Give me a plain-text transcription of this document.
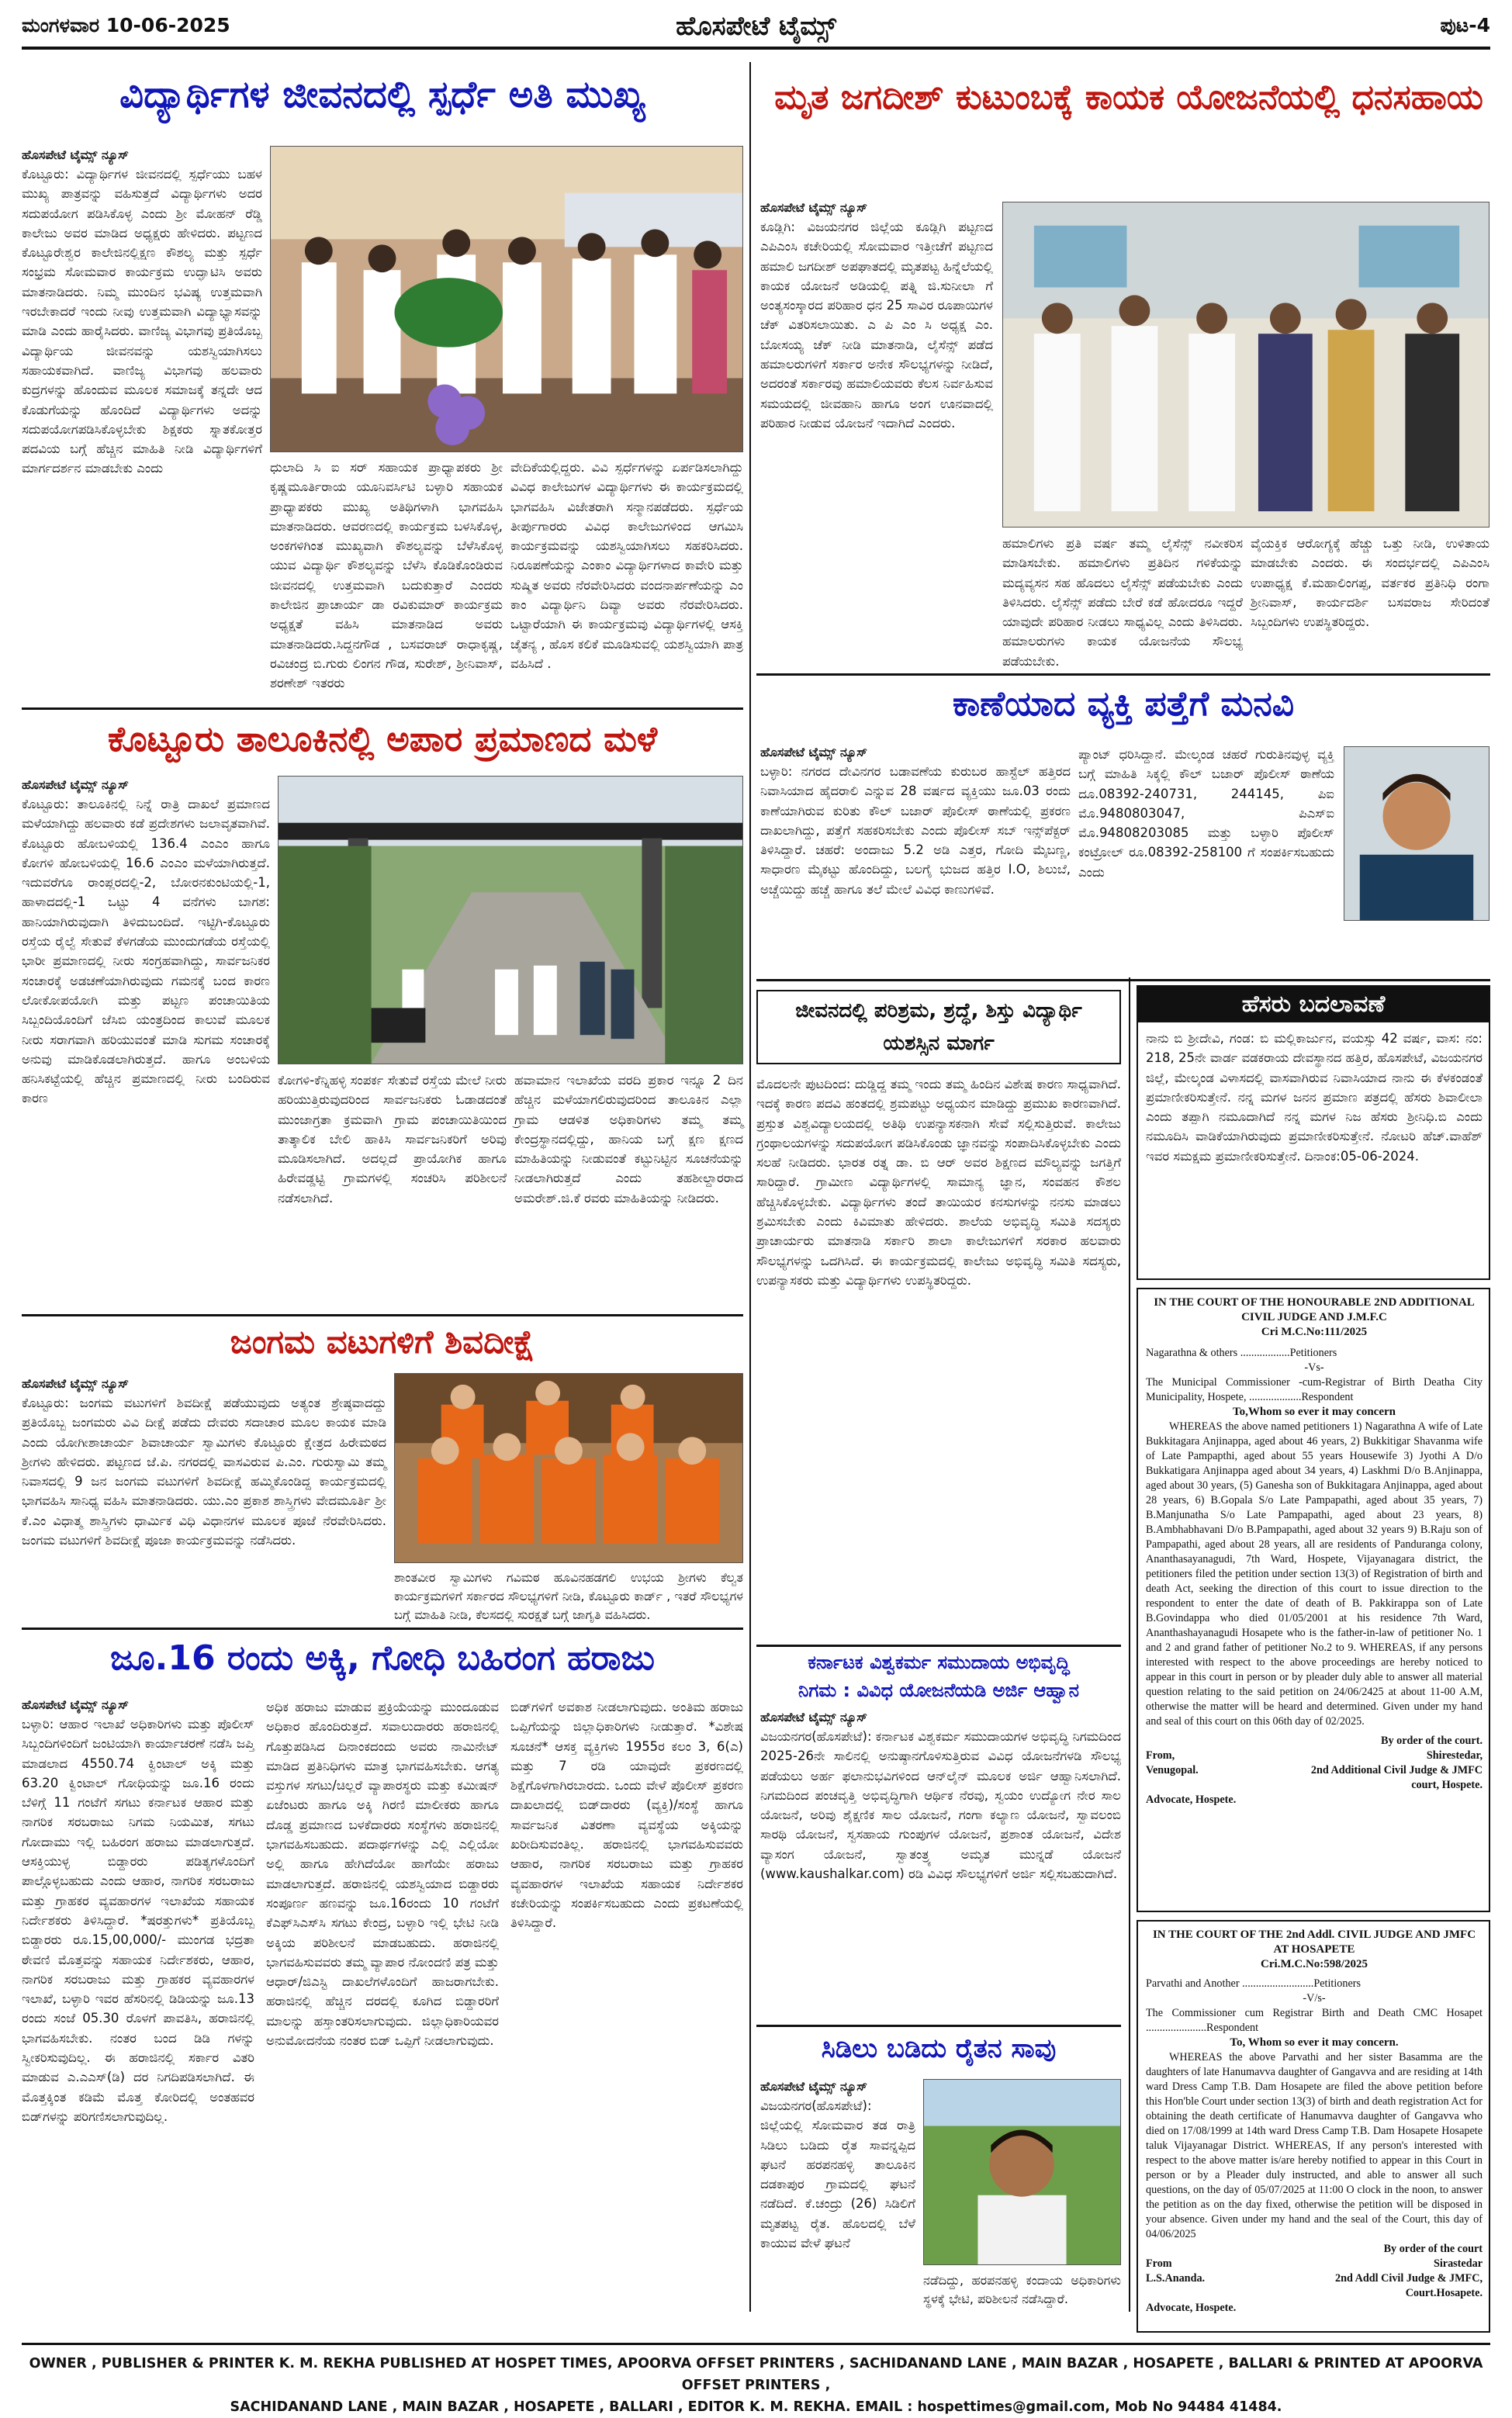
ಮಂಗಳವಾರ 10-06-2025	ಹೊಸಪೇಟೆ ಟೈಮ್ಸ್	ಪುಟ-4
ವಿದ್ಯಾರ್ಥಿಗಳ ಜೀವನದಲ್ಲಿ ಸ್ಪರ್ಧೆ ಅತಿ ಮುಖ್ಯ
ಹೊಸಪೇಟೆ ಟೈಮ್ಸ್ ನ್ಯೂಸ್
ಕೊಟ್ಟೂರು: ವಿದ್ಯಾರ್ಥಿಗಳ ಜೀವನದಲ್ಲಿ ಸ್ಪರ್ಧೆಯು ಬಹಳ ಮುಖ್ಯ ಪಾತ್ರವನ್ನು ವಹಿಸುತ್ತದೆ ವಿದ್ಯಾರ್ಥಿಗಳು ಅದರ ಸದುಪಯೋಗ ಪಡಿಸಿಕೊಳ್ಳ ಎಂದು ಶ್ರೀ ಮೋಹನ್ ರೆಡ್ಡಿ ಕಾಲೇಜು ಅವರ ಮಾಡಿದ ಅಧ್ಯಕ್ಷರು ಹೇಳಿದರು. ಪಟ್ಟಣದ ಕೊಟ್ಟೂರೇಶ್ವರ ಕಾಲೇಜಿನಲ್ಲಿಕ್ಷಣ ಕೌಶಲ್ಯ ಮತ್ತು ಸ್ಪರ್ಧೆ ಸಂಭ್ರಮ ಸೋಮವಾರ ಕಾರ್ಯಕ್ರಮ ಉದ್ಘಾಟಿಸಿ ಅವರು ಮಾತನಾಡಿದರು. ನಿಮ್ಮ ಮುಂದಿನ ಭವಿಷ್ಯ ಉತ್ತಮವಾಗಿ ಇರಬೇಕಾದರೆ ಇಂದು ನೀವು ಉತ್ತಮವಾಗಿ ವಿದ್ಯಾಭ್ಯಾಸವನ್ನು ಮಾಡಿ ಎಂದು ಹಾರೈಸಿದರು. ವಾಣಿಜ್ಯ ವಿಭಾಗವು ಪ್ರತಿಯೊಬ್ಬ ವಿದ್ಯಾರ್ಥಿಯ ಜೀವನವನ್ನು ಯಶಸ್ವಿಯಾಗಿಸಲು ಸಹಾಯಕವಾಗಿದೆ. ವಾಣಿಜ್ಯ ವಿಭಾಗವು ಹಲವಾರು ಕುದ್ರಗಳನ್ನು ಹೊಂದುವ ಮೂಲಕ ಸಮಾಜಕ್ಕೆ ತನ್ನದೇ ಆದ ಕೊಡುಗೆಯನ್ನು ಹೊಂದಿದೆ ವಿದ್ಯಾರ್ಥಿಗಳು ಅದನ್ನು ಸದುಪಯೋಗಪಡಿಸಿಕೊಳ್ಳಬೇಕು ಶಿಕ್ಷಕರು ಸ್ನಾತಕೋತ್ತರ ಪದವಿಯ ಬಗ್ಗೆ ಹೆಚ್ಚಿನ ಮಾಹಿತಿ ನೀಡಿ ವಿದ್ಯಾರ್ಥಿಗಳಿಗೆ ಮಾರ್ಗದರ್ಶನ ಮಾಡಬೇಕು ಎಂದು	ಧುಲಾದಿ ಸಿ ಐ ಸರ್ ಸಹಾಯಕ ಪ್ರಾಧ್ಯಾಪಕರು ಶ್ರೀ ಕೃಷ್ಣಮೂರ್ತಿರಾಯ ಯೂನಿವರ್ಸಿಟಿ ಬಳ್ಳಾರಿ ಸಹಾಯಕ ಪ್ರಾಧ್ಯಾಪಕರು ಮುಖ್ಯ ಅತಿಥಿಗಳಾಗಿ ಭಾಗವಹಿಸಿ ಮಾತನಾಡಿದರು. ಆವರಣದಲ್ಲಿ ಕಾರ್ಯಕ್ರಮ ಬಳಸಿಕೊಳ್ಳ, ಅಂಕಗಳಿಗಿಂತ ಮುಖ್ಯವಾಗಿ ಕೌಶಲ್ಯವನ್ನು ಬೆಳೆಸಿಕೊಳ್ಳ ಯುವ ವಿದ್ಯಾರ್ಥಿ ಕೌಶಲ್ಯವನ್ನು ಬೆಳೆಸಿ ಕೊಡಿಕೊಂಡಿರುವ ಜೀವನದಲ್ಲಿ ಉತ್ತಮವಾಗಿ ಬದುಕುತ್ತಾರೆ ಎಂದರು ಕಾಲೇಜಿನ ಪ್ರಾಚಾರ್ಯ ಡಾ ರವಿಕುಮಾರ್ ಕಾರ್ಯಕ್ರಮ ಅಧ್ಯಕ್ಷತೆ ವಹಿಸಿ ಮಾತನಾಡಿದ ಅವರು ಮಾತನಾಡಿದರು.ಸಿದ್ದನಗೌಡ , ಬಸವರಾಜ್ ರಾಧಾಕೃಷ್ಣ, ರವಿಚಂದ್ರ ಬಿ.ಗುರು ಲಿಂಗನ ಗೌಡ, ಸುರೇಶ್, ಶ್ರೀನಿವಾಸ್, ಶರಣೇಶ್ ಇತರರು
ವೇದಿಕೆಯಲ್ಲಿದ್ದರು. ವಿವಿ ಸ್ಪರ್ಧೆಗಳನ್ನು ಏರ್ಪಡಿಸಲಾಗಿದ್ದು ವಿವಿಧ ಕಾಲೇಜುಗಳ ವಿದ್ಯಾರ್ಥಿಗಳು ಈ ಕಾರ್ಯಕ್ರಮದಲ್ಲಿ ಭಾಗವಹಿಸಿ ವಿಜೇತರಾಗಿ ಸನ್ಮಾನಪಡೆದರು. ಸ್ಪರ್ಧೆಯ ತೀರ್ಪುಗಾರರು ವಿವಿಧ ಕಾಲೇಜುಗಳಿಂದ ಆಗಮಿಸಿ ಕಾರ್ಯಕ್ರಮವನ್ನು ಯಶಸ್ವಿಯಾಗಿಸಲು ಸಹಕರಿಸಿದರು. ನಿರೂಪಣೆಯನ್ನು ಎಂಕಾಂ ವಿದ್ಯಾರ್ಥಿಗಳಾದ ಕಾವೇರಿ ಮತ್ತು ಸುಷ್ಮಿತ ಅವರು ನೆರವೇರಿಸಿದರು ವಂದನಾರ್ಪಣೆಯನ್ನು ಎಂ ಕಾಂ ವಿದ್ಯಾರ್ಥಿನಿ ದಿವ್ಯಾ ಅವರು ನೆರವೇರಿಸಿದರು. ಒಟ್ಟಾರೆಯಾಗಿ ಈ ಕಾರ್ಯಕ್ರಮವು ವಿದ್ಯಾರ್ಥಿಗಳಲ್ಲಿ ಆಸಕ್ತಿ ಚೈತನ್ಯ , ಹೊಸ ಕಲಿಕೆ ಮೂಡಿಸುವಲ್ಲಿ ಯಶಸ್ವಿಯಾಗಿ ಪಾತ್ರ ವಹಿಸಿದೆ .
ಕೊಟ್ಟೂರು ತಾಲೂಕಿನಲ್ಲಿ ಅಪಾರ ಪ್ರಮಾಣದ ಮಳೆ
ಹೊಸಪೇಟೆ ಟೈಮ್ಸ್ ನ್ಯೂಸ್
ಕೊಟ್ಟೂರು: ತಾಲೂಕಿನಲ್ಲಿ ನಿನ್ನೆ ರಾತ್ರಿ ದಾಖಲೆ ಪ್ರಮಾಣದ ಮಳೆಯಾಗಿದ್ದು ಹಲವಾರು ಕಡೆ ಪ್ರದೇಶಗಳು ಜಲಾವೃತವಾಗಿವೆ. ಕೊಟ್ಟೂರು ಹೋಬಳಿಯಲ್ಲಿ 136.4 ಎಂಎಂ ಹಾಗೂ ಕೋಗಳಿ ಹೋಬಳಿಯಲ್ಲಿ 16.6 ಎಂಎಂ ಮಳೆಯಾಗಿರುತ್ತದೆ. ಇದುವರೆಗೂ ರಾಂಪ್ಲರ‍ದಲ್ಲಿ-2, ಬೋರನಕುಂಟಿಯಲ್ಲಿ-1, ಹಾಳಾದದಲ್ಲಿ-1 ಒಟ್ಟು 4 ವನೆಗಳು ಬಾಗಶ: ಹಾನಿಯಾಗಿರುವುದಾಗಿ ತಿಳಿದುಬಂದಿದೆ. ಇಟ್ಟಿಗಿ-ಕೊಟ್ಟೂರು ರಸ್ತೆಯ ರೈಲ್ವೆ ಸೇತುವೆ ಕೆಳಗಡೆಯ ಮುಂದುಗಡೆಯ ರಸ್ತೆಯಲ್ಲಿ ಭಾರೀ ಪ್ರಮಾಣದಲ್ಲಿ ನೀರು ಸಂಗ್ರಹವಾಗಿದ್ದು, ಸಾರ್ವಜನಿಕರ ಸಂಚಾರಕ್ಕೆ ಅಡಚಣೆಯಾಗಿರುವುದು ಗಮನಕ್ಕೆ ಬಂದ ಕಾರಣ ಲೋಕೋಪಯೋಗಿ ಮತ್ತು ಪಟ್ಟಣ ಪಂಚಾಯಿತಿಯ ಸಿಬ್ಬಂದಿಯೊಂದಿಗೆ ಜೆಸಿಬಿ ಯಂತ್ರದಿಂದ ಕಾಲುವೆ ಮೂಲಕ ನೀರು ಸರಾಗವಾಗಿ ಹರಿಯುವಂತೆ ಮಾಡಿ ಸುಗಮ ಸಂಚಾರಕ್ಕೆ ಅನುವು ಮಾಡಿಕೊಡಲಾಗಿರುತ್ತದೆ. ಹಾಗೂ ಅಂಬಳಿಯ ಹನಿಸಿಕಟ್ಟೆಯಲ್ಲಿ ಹೆಚ್ಚಿನ ಪ್ರಮಾಣದಲ್ಲಿ ನೀರು ಬಂದಿರುವ ಕಾರಣ
ಕೋಗಳಿ-ಕೆನ್ನಿಹಳ್ಳಿ ಸಂಪರ್ಕ ಸೇತುವೆ ರಸ್ತೆಯ ಮೇಲೆ ನೀರು ಹರಿಯುತ್ತಿರುವುದರಿಂದ ಸಾರ್ವಜನಿಕರು ಓಡಾಡದಂತೆ ಮುಂಜಾಗ್ರತಾ ಕ್ರಮವಾಗಿ ಗ್ರಾಮ ಪಂಚಾಯಿತಿಯಿಂದ ತಾತ್ಕಾಲಿಕ ಬೇಲಿ ಹಾಕಿಸಿ ಸಾರ್ವಜನಿಕರಿಗೆ ಅರಿವು ಮೂಡಿಸಲಾಗಿದೆ. ಅದಲ್ಲದೆ ಪ್ರಾಯೋಗಿಕ ಹಾಗೂ ಹಿರೇವಡ್ಡಟ್ಟಿ ಗ್ರಾಮಗಳಲ್ಲಿ ಸಂಚರಿಸಿ ಪರಿಶೀಲನೆ ನಡೆಸಲಾಗಿದೆ.
ಹವಾಮಾನ ಇಲಾಖೆಯ ವರದಿ ಪ್ರಕಾರ ಇನ್ನೂ 2 ದಿನ ಹೆಚ್ಚಿನ ಮಳೆಯಾಗಲಿರುವುದರಿಂದ ತಾಲೂಕಿನ ಎಲ್ಲಾ ಗ್ರಾಮ ಆಡಳಿತ ಅಧಿಕಾರಿಗಳು ತಮ್ಮ ತಮ್ಮ ಕೇಂದ್ರಸ್ಥಾನದಲ್ಲಿದ್ದು, ಹಾನಿಯ ಬಗ್ಗೆ ಕ್ಷಣ ಕ್ಷಣದ ಮಾಹಿತಿಯನ್ನು ನೀಡುವಂತೆ ಕಟ್ಟುನಿಟ್ಟಿನ ಸೂಚನೆಯನ್ನು ನೀಡಲಾಗಿರುತ್ತದೆ ಎಂದು ತಹಶೀಲ್ದಾರರಾದ ಅಮರೇಶ್.ಜಿ.ಕೆ ರವರು ಮಾಹಿತಿಯನ್ನು ನೀಡಿದರು.
ಜಂಗಮ ವಟುಗಳಿಗೆ ಶಿವದೀಕ್ಷೆ
ಹೊಸಪೇಟೆ ಟೈಮ್ಸ್ ನ್ಯೂಸ್
ಕೊಟ್ಟೂರು: ಜಂಗಮ ವಟುಗಳಿಗೆ ಶಿವದೀಕ್ಷೆ ಪಡೆಯುವುದು ಅತ್ಯಂತ ಶ್ರೇಷ್ಠವಾದದ್ದು ಪ್ರತಿಯೊಬ್ಬ ಜಂಗಮರು ವಿವಿ ದೀಕ್ಷೆ ಪಡೆದು ದೇವರು ಸದಾಚಾರ ಮೂಲ ಕಾಯಕ ಮಾಡಿ ಎಂದು ಯೋಗೀಶಾಚಾರ್ಯ ಶಿವಾಚಾರ್ಯ ಸ್ವಾಮಿಗಳು ಕೊಟ್ಟೂರು ಕ್ಷೇತ್ರದ ಹಿರೇಮಠದ ಶ್ರೀಗಳು ಹೇಳಿದರು. ಪಟ್ಟಣದ ಜೆ.ಪಿ. ನಗರದಲ್ಲಿ ವಾಸವಿರುವ ಪಿ.ಎಂ. ಗುರುಸ್ವಾಮಿ ತಮ್ಮ ನಿವಾಸದಲ್ಲಿ 9 ಜನ ಜಂಗಮ ವಟುಗಳಿಗೆ ಶಿವದೀಕ್ಷೆ ಹಮ್ಮಿಕೊಂಡಿದ್ದ ಕಾರ್ಯಕ್ರಮದಲ್ಲಿ ಭಾಗವಹಿಸಿ ಸಾನಿಧ್ಯ ವಹಿಸಿ ಮಾತನಾಡಿದರು. ಯು.ಎಂ ಪ್ರಕಾಶ ಶಾಸ್ತ್ರಿಗಳು ವೇದಮೂರ್ತಿ ಶ್ರೀ ಕೆ.ಎಂ ವಿಧಾತ್ಮ ಶಾಸ್ತ್ರಿಗಳು ಧಾರ್ಮಿಕ ವಿಧಿ ವಿಧಾನಗಳ ಮೂಲಕ ಪೂಜೆ ನೆರವೇರಿಸಿದರು. ಜಂಗಮ ವಟುಗಳಿಗೆ ಶಿವದೀಕ್ಷೆ ಪೂಜಾ ಕಾರ್ಯಕ್ರಮವನ್ನು ನಡೆಸಿದರು.
ಶಾಂತವೀರ ಸ್ವಾಮಿಗಳು ಗವಿಮಠ ಹೂವಿನಹಡಗಲಿ ಉಭಯ ಶ್ರೀಗಳು ಕೆಲ್ವತ ಕಾರ್ಯಕ್ರಮಗಳಿಗೆ ಸರ್ಕಾರದ ಸೌಲಭ್ಯಗಳಿಗೆ ನೀಡಿ, ಕೊಟ್ಟೂರು ಕಾರ್ಡ್ , ಇತರೆ ಸೌಲಭ್ಯಗಳ ಬಗ್ಗೆ ಮಾಹಿತಿ ನೀಡಿ, ಕೆಲಸದಲ್ಲಿ ಸುರಕ್ಷತೆ ಬಗ್ಗೆ ಜಾಗೃತಿ ವಹಿಸಿದರು.
ಜೂ.16 ರಂದು ಅಕ್ಕಿ, ಗೋಧಿ ಬಹಿರಂಗ ಹರಾಜು
ಹೊಸಪೇಟೆ ಟೈಮ್ಸ್ ನ್ಯೂಸ್
ಬಳ್ಳಾರಿ: ಆಹಾರ ಇಲಾಖೆ ಅಧಿಕಾರಿಗಳು ಮತ್ತು ಪೊಲೀಸ್ ಸಿಬ್ಬಂದಿಗಳಿಂದಿಗೆ ಜಂಟಿಯಾಗಿ ಕಾರ್ಯಾಚರಣೆ ನಡೆಸಿ ಜಪ್ತಿ ಮಾಡಲಾದ 4550.74 ಕ್ವಿಂಟಾಲ್ ಅಕ್ಕಿ ಮತ್ತು 63.20 ಕ್ವಿಂಟಾಲ್ ಗೋಧಿಯನ್ನು ಜೂ.16 ರಂದು ಬೆಳಿಗ್ಗೆ 11 ಗಂಟೆಗೆ ಸಗಟು ಕರ್ನಾಟಕ ಆಹಾರ ಮತ್ತು ನಾಗರಿಕ ಸರಬರಾಜು ನಿಗಮ ನಿಯಮಿತ, ಸಗಟು ಗೋದಾಮು ಇಲ್ಲಿ ಬಹಿರಂಗ ಹರಾಜು ಮಾಡಲಾಗುತ್ತದೆ. ಆಸಕ್ತಿಯುಳ್ಳ ಬಿಡ್ದಾರರು ಪಡಿತ್ಯಗಳೊಂದಿಗೆ ಪಾಲ್ಗೊಳ್ಳಬಹುದು ಎಂದು ಆಹಾರ, ನಾಗರಿಕ ಸರಬರಾಜು ಮತ್ತು ಗ್ರಾಹಕರ ವ್ಯವಹಾರಗಳ ಇಲಾಖೆಯ ಸಹಾಯಕ ನಿರ್ದೇಶಕರು ತಿಳಿಸಿದ್ದಾರೆ. *ಷರತ್ತುಗಳು* ಪ್ರತಿಯೊಬ್ಬ ಬಿಡ್ದಾರರು ರೂ.15,00,000/- ಮುಂಗಡ ಭದ್ರತಾ ಠೇವಣಿ ಮೊತ್ತವನ್ನು ಸಹಾಯಕ ನಿರ್ದೇಶಕರು, ಆಹಾರ, ನಾಗರಿಕ ಸರಬರಾಜು ಮತ್ತು ಗ್ರಾಹಕರ ವ್ಯವಹಾರಗಳ ಇಲಾಖೆ, ಬಳ್ಳಾರಿ ಇವರ ಹೆಸರಿನಲ್ಲಿ ಡಿಡಿಯನ್ನು ಜೂ.13 ರಂದು ಸಂಜೆ 05.30 ರೊಳಗೆ ಪಾವತಿಸಿ, ಹರಾಜಿನಲ್ಲಿ ಭಾಗವಹಿಸಬೇಕು. ನಂತರ ಬಂದ ಡಿಡಿ ಗಳನ್ನು ಸ್ವೀಕರಿಸುವುದಿಲ್ಲ. ಈ ಹರಾಜಿನಲ್ಲಿ ಸರ್ಕಾರ ವಿತರಿ ಮಾಡುವ ಎ.ಎಎಸ್(ಡಿ) ದರ ನಿಗದಿಪಡಿಸಲಾಗಿದೆ. ಈ ಮೊತ್ತಕ್ಕಿಂತ ಕಡಿಮೆ ಮೊತ್ತ ಕೋರಿದಲ್ಲಿ ಅಂತಹವರ ಬಿಡ್‌ಗಳನ್ನು ಪರಿಗಣಿಸಲಾಗುವುದಿಲ್ಲ.
ಅಧಿಕ ಹರಾಜು ಮಾಡುವ ಪ್ರಕ್ರಿಯೆಯನ್ನು ಮುಂದೂಡುವ ಅಧಿಕಾರ ಹೊಂದಿರುತ್ತದೆ. ಸವಾಲುದಾರರು ಹರಾಜಿನಲ್ಲಿ ಗೊತ್ತುಪಡಿಸಿದ ದಿನಾಂಕದಂದು ಅವರು ನಾಮಿನೇಟ್ ಮಾಡಿದ ಪ್ರತಿನಿಧಿಗಳು ಮಾತ್ರ ಭಾಗವಹಿಸಬೇಕು. ಆಗತ್ಯ ವಸ್ತುಗಳ ಸಗಟು/ಚಿಲ್ಲರೆ ವ್ಯಾಪಾರಸ್ಥರು ಮತ್ತು ಕಮೀಷನ್ ಏಜೆಂಟರು ಹಾಗೂ ಅಕ್ಕಿ ಗಿರಣಿ ಮಾಲೀಕರು ಹಾಗೂ ದೊಡ್ಡ ಪ್ರಮಾಣದ ಬಳಕೆದಾರರು ಸಂಸ್ಥೆಗಳು ಹರಾಜಿನಲ್ಲಿ ಭಾಗವಹಿಸಬಹುದು. ಪದಾರ್ಥಗಳನ್ನು ಎಲ್ಲಿ ಎಲ್ಲಿಯೋ ಅಲ್ಲಿ ಹಾಗೂ ಹೇಗಿದೆಯೋ ಹಾಗೆಯೇ ಹರಾಜು ಮಾಡಲಾಗುತ್ತದೆ. ಹರಾಜಿನಲ್ಲಿ ಯಶಸ್ವಿಯಾದ ಬಿಡ್ದಾರರು ಸಂಪೂರ್ಣ ಹಣವನ್ನು ಜೂ.16ರಂದು 10 ಗಂಟೆಗೆ ಕೆಎಫ್‌ಸಿಎಸ್‌ಸಿ ಸಗಟು ಕೇಂದ್ರ, ಬಳ್ಳಾರಿ ಇಲ್ಲಿ ಭೇಟಿ ನೀಡಿ ಅಕ್ಕಿಯ ಪರಿಶೀಲನೆ ಮಾಡಬಹುದು. ಹರಾಜಿನಲ್ಲಿ ಭಾಗವಹಿಸುವವರು ತಮ್ಮ ವ್ಯಾಪಾರ ನೋಂದಣಿ ಪತ್ರ ಮತ್ತು ಆಧಾರ್/ಜಿಎಸ್ಟಿ ದಾಖಲೆಗಳೊಂದಿಗೆ ಹಾಜರಾಗಬೇಕು. ಹರಾಜಿನಲ್ಲಿ ಹೆಚ್ಚಿನ ದರದಲ್ಲಿ ಕೂಗಿದ ಬಿಡ್ದಾರರಿಗೆ ಮಾಲನ್ನು ಹಸ್ತಾಂತರಿಸಲಾಗುವುದು. ಜಿಲ್ಲಾಧಿಕಾರಿಯವರ ಅನುಮೋದನೆಯ ನಂತರ ಬಿಡ್ ಒಪ್ಪಿಗೆ ನೀಡಲಾಗುವುದು.
ಬಿಡ್‌ಗಳಿಗೆ ಅವಕಾಶ ನೀಡಲಾಗುವುದು. ಅಂತಿಮ ಹರಾಜು ಒಪ್ಪಿಗೆಯನ್ನು ಜಿಲ್ಲಾಧಿಕಾರಿಗಳು ನೀಡುತ್ತಾರೆ. *ವಿಶೇಷ ಸೂಚನೆ* ಆಸಕ್ತ ವ್ಯಕ್ತಿಗಳು 1955ರ ಕಲಂ 3, 6(ಎ) ಮತ್ತು 7 ರಡಿ ಯಾವುದೇ ಪ್ರಕರಣದಲ್ಲಿ ಶಿಕ್ಷೆಗೊಳಗಾಗಿರಬಾರದು. ಒಂದು ವೇಳೆ ಪೊಲೀಸ್ ಪ್ರಕರಣ ದಾಖಲಾದಲ್ಲಿ ಬಿಡ್‌ದಾರರು (ವ್ಯಕ್ತಿ)/ಸಂಸ್ಥೆ ಹಾಗೂ ಸಾರ್ವಜನಿಕ ವಿತರಣಾ ವ್ಯವಸ್ಥೆಯ ಅಕ್ಕಿಯನ್ನು ಖರೀದಿಸುವಂತಿಲ್ಲ. ಹರಾಜಿನಲ್ಲಿ ಭಾಗವಹಿಸುವವರು ಆಹಾರ, ನಾಗರಿಕ ಸರಬರಾಜು ಮತ್ತು ಗ್ರಾಹಕರ ವ್ಯವಹಾರಗಳ ಇಲಾಖೆಯ ಸಹಾಯಕ ನಿರ್ದೇಶಕರ ಕಚೇರಿಯನ್ನು ಸಂಪರ್ಕಿಸಬಹುದು ಎಂದು ಪ್ರಕಟಣೆಯಲ್ಲಿ ತಿಳಿಸಿದ್ದಾರೆ.
ಮೃತ ಜಗದೀಶ್ ಕುಟುಂಬಕ್ಕೆ ಕಾಯಕ ಯೋಜನೆಯಲ್ಲಿ ಧನಸಹಾಯ
ಹೊಸಪೇಟೆ ಟೈಮ್ಸ್ ನ್ಯೂಸ್
ಕೂಡ್ಲಿಗಿ: ವಿಜಯನಗರ ಜಿಲ್ಲೆಯ ಕೂಡ್ಲಿಗಿ ಪಟ್ಟಣದ ಎಪಿಎಂಸಿ ಕಚೇರಿಯಲ್ಲಿ ಸೋಮವಾರ ಇತ್ತೀಚೆಗೆ ಪಟ್ಟಣದ ಹಮಾಲಿ ಜಗದೀಶ್ ಅಪಘಾತದಲ್ಲಿ ಮೃತಪಟ್ಟ ಹಿನ್ನೆಲೆಯಲ್ಲಿ ಕಾಯಕ ಯೋಜನೆ ಅಡಿಯಲ್ಲಿ ಪತ್ನಿ ಜಿ.ಸುನೀಲಾ ಗೆ ಅಂತ್ಯಸಂಸ್ಕಾರದ ಪರಿಹಾರ ಧನ 25 ಸಾವಿರ ರೂಪಾಯಿಗಳ ಚೆಕ್ ವಿತರಿಸಲಾಯಿತು. ಎ ಪಿ ಎಂ ಸಿ ಅಧ್ಯಕ್ಷ ಎಂ. ಬೋಸಯ್ಯ ಚೆಕ್ ನೀಡಿ ಮಾತನಾಡಿ, ಲೈಸೆನ್ಸ್ ಪಡೆದ ಹಮಾಲರುಗಳಿಗೆ ಸರ್ಕಾರ ಅನೇಕ ಸೌಲಭ್ಯಗಳನ್ನು ನೀಡಿದೆ, ಅದರಂತೆ ಸರ್ಕಾರವು ಹಮಾಲಿಯವರು ಕೆಲಸ ನಿರ್ವಹಿಸುವ ಸಮಯದಲ್ಲಿ ಜೀವಹಾನಿ ಹಾಗೂ ಅಂಗ ಊನವಾದಲ್ಲಿ ಪರಿಹಾರ ನೀಡುವ ಯೋಜನೆ ಇದಾಗಿದೆ ಎಂದರು.
ಹಮಾಲಿಗಳು ಪ್ರತಿ ವರ್ಷ ತಮ್ಮ ಲೈಸೆನ್ಸ್ ನವೀಕರಿಸ ಮಾಡಿಸಬೇಕು. ಹಮಾಲಿಗಳು ಪ್ರತಿದಿನ ಗಳಿಕೆಯನ್ನು ಮದ್ಯವ್ಯಸನ ಸಹ ಹೊದಲು ಲೈಸೆನ್ಸ್ ಪಡೆಯಬೇಕು ಎಂದು ತಿಳಿಸಿದರು. ಲೈಸೆನ್ಸ್ ಪಡೆದು ಬೇರೆ ಕಡೆ ಹೋದರೂ ಇದ್ದರೆ ಯಾವುದೇ ಪರಿಹಾರ ನೀಡಲು ಸಾಧ್ಯವಿಲ್ಲ ಎಂದು ತಿಳಿಸಿದರು. ಹಮಾಲರುಗಳು ಕಾಯಕ ಯೋಜನೆಯ ಸೌಲಭ್ಯ ಪಡೆಯಬೇಕು.
ವೈಯಕ್ತಿಕ ಆರೋಗ್ಯಕ್ಕೆ ಹೆಚ್ಚು ಒತ್ತು ನೀಡಿ, ಉಳಿತಾಯ ಮಾಡಬೇಕು ಎಂದರು. ಈ ಸಂದರ್ಭದಲ್ಲಿ ಎಪಿಎಂಸಿ ಉಪಾಧ್ಯಕ್ಷ ಕೆ.ಮಹಾಲಿಂಗಪ್ಪ, ವರ್ತಕರ ಪ್ರತಿನಿಧಿ ರಂಗಾ ಶ್ರೀನಿವಾಸ್, ಕಾರ್ಯದರ್ಶಿ ಬಸವರಾಜ ಸೇರಿದಂತೆ ಸಿಬ್ಬಂದಿಗಳು ಉಪಸ್ಥಿತರಿದ್ದರು.
ಕಾಣೆಯಾದ ವ್ಯಕ್ತಿ ಪತ್ತೆಗೆ ಮನವಿ
ಹೊಸಪೇಟೆ ಟೈಮ್ಸ್ ನ್ಯೂಸ್
ಬಳ್ಳಾರಿ: ನಗರದ ದೇವಿನಗರ ಬಡಾವಣೆಯ ಕುರುಬರ ಹಾಸ್ಟೆಲ್ ಹತ್ತಿರದ ನಿವಾಸಿಯಾದ ಹೈದರಾಲಿ ಎನ್ನುವ 28 ವರ್ಷದ ವ್ಯಕ್ತಿಯು ಜೂ.03 ರಂದು ಕಾಣೆಯಾಗಿರುವ ಕುರಿತು ಕೌಲ್ ಬಜಾರ್ ಪೊಲೀಸ್ ಠಾಣೆಯಲ್ಲಿ ಪ್ರಕರಣ ದಾಖಲಾಗಿದ್ದು, ಪತ್ತೆಗೆ ಸಹಕರಿಸಬೇಕು ಎಂದು ಪೊಲೀಸ್ ಸಬ್ ಇನ್ಸ್‌ಪೆಕ್ಟರ್ ತಿಳಿಸಿದ್ದಾರೆ. ಚಹರೆ: ಅಂದಾಜು 5.2 ಅಡಿ ಎತ್ತರ, ಗೋದಿ ಮೈಬಣ್ಣ, ಸಾಧಾರಣ ಮೈಕಟ್ಟು ಹೊಂದಿದ್ದು, ಬಲಗೈ ಭುಜದ ಹತ್ತಿರ I.O, ಶಿಲುಬೆ, ಅಚ್ಚೆಯಿದ್ದು ಹಚ್ಚೆ ಹಾಗೂ ತಲೆ ಮೇಲೆ ವಿವಿಧ ಕಾಣುಗಳಿವೆ.
ಪ್ಯಾಂಟ್ ಧರಿಸಿದ್ದಾನೆ. ಮೇಲ್ಕಂಡ ಚಹರೆ ಗುರುತಿನವುಳ್ಳ ವ್ಯಕ್ತಿ ಬಗ್ಗೆ ಮಾಹಿತಿ ಸಿಕ್ಕಲ್ಲಿ ಕೌಲ್ ಬಜಾರ್ ಪೊಲೀಸ್ ಠಾಣೆಯ ದೂ.08392-240731, 244145, ಪಿಐ ಮೊ.9480803047, ಪಿಎಸ್‌ಐ ಮೊ.94808203085 ಮತ್ತು ಬಳ್ಳಾರಿ ಪೊಲೀಸ್ ಕಂಟ್ರೋಲ್ ರೂ.08392-258100 ಗೆ ಸಂಪರ್ಕಿಸಬಹುದು ಎಂದು
ಜೀವನದಲ್ಲಿ ಪರಿಶ್ರಮ, ಶ್ರದ್ಧೆ, ಶಿಸ್ತು ವಿದ್ಯಾರ್ಥಿ ಯಶಸ್ಸಿನ ಮಾರ್ಗ
ಮೊದಲನೇ ಪುಟದಿಂದ: ದುಡ್ಡಿದ್ದ ತಮ್ಮ ಇಂದು ತಮ್ಮ ಹಿಂದಿನ ವಿಶೇಷ ಕಾರಣ ಸಾಧ್ಯವಾಗಿದೆ. ಇದಕ್ಕೆ ಕಾರಣ ಪದವಿ ಹಂತದಲ್ಲಿ ಶ್ರಮಪಟ್ಟು ಅಧ್ಯಯನ ಮಾಡಿದ್ದು ಪ್ರಮುಖ ಕಾರಣವಾಗಿದೆ. ಪ್ರಸ್ತುತ ವಿಶ್ವವಿದ್ಯಾಲಯದಲ್ಲಿ ಅತಿಥಿ ಉಪನ್ಯಾಸಕನಾಗಿ ಸೇವೆ ಸಲ್ಲಿಸುತ್ತಿರುವೆ. ಕಾಲೇಜು ಗ್ರಂಥಾಲಯಗಳನ್ನು ಸದುಪಯೋಗ ಪಡಿಸಿಕೊಂಡು ಜ್ಞಾನವನ್ನು ಸಂಪಾದಿಸಿಕೊಳ್ಳಬೇಕು ಎಂದು ಸಲಹೆ ನೀಡಿದರು. ಭಾರತ ರತ್ನ ಡಾ. ಬಿ ಆರ್ ಅವರ ಶಿಕ್ಷಣದ ಮೌಲ್ಯವನ್ನು ಜಗತ್ತಿಗೆ ಸಾರಿದ್ದಾರೆ. ಗ್ರಾಮೀಣ ವಿದ್ಯಾರ್ಥಿಗಳಲ್ಲಿ ಸಾಮಾನ್ಯ ಜ್ಞಾನ, ಸಂವಹನ ಕೌಶಲ ಹೆಚ್ಚಿಸಿಕೊಳ್ಳಬೇಕು. ವಿದ್ಯಾರ್ಥಿಗಳು ತಂದೆ ತಾಯಿಯರ ಕನಸುಗಳನ್ನು ನನಸು ಮಾಡಲು ಶ್ರಮಿಸಬೇಕು ಎಂದು ಕಿವಿಮಾತು ಹೇಳಿದರು. ಶಾಲೆಯ ಅಭಿವೃದ್ಧಿ ಸಮಿತಿ ಸದಸ್ಯರು ಪ್ರಾಚಾರ್ಯರು ಮಾತನಾಡಿ ಸರ್ಕಾರಿ ಶಾಲಾ ಕಾಲೇಜುಗಳಿಗೆ ಸರಕಾರ ಹಲವಾರು ಸೌಲಭ್ಯಗಳನ್ನು ಒದಗಿಸಿದೆ. ಈ ಕಾರ್ಯಕ್ರಮದಲ್ಲಿ ಕಾಲೇಜು ಅಭಿವೃದ್ಧಿ ಸಮಿತಿ ಸದಸ್ಯರು, ಉಪನ್ಯಾಸಕರು ಮತ್ತು ವಿದ್ಯಾರ್ಥಿಗಳು ಉಪಸ್ಥಿತರಿದ್ದರು.
ಕರ್ನಾಟಕ ವಿಶ್ವಕರ್ಮ ಸಮುದಾಯ ಅಭಿವೃದ್ಧಿ
ನಿಗಮ : ವಿವಿಧ ಯೋಜನೆಯಡಿ ಅರ್ಜಿ ಆಹ್ವಾನ
ಹೊಸಪೇಟೆ ಟೈಮ್ಸ್ ನ್ಯೂಸ್
ವಿಜಯನಗರ(ಹೊಸಪೇಟೆ): ಕರ್ನಾಟಕ ವಿಶ್ವಕರ್ಮ ಸಮುದಾಯಗಳ ಅಭಿವೃದ್ಧಿ ನಿಗಮದಿಂದ 2025-26ನೇ ಸಾಲಿನಲ್ಲಿ ಅನುಷ್ಠಾನಗೊಳಿಸುತ್ತಿರುವ ವಿವಿಧ ಯೋಜನೆಗಳಡಿ ಸೌಲಭ್ಯ ಪಡೆಯಲು ಅರ್ಹ ಫಲಾನುಭವಿಗಳಿಂದ ಆನ್‌ಲೈನ್ ಮೂಲಕ ಅರ್ಜಿ ಆಹ್ವಾನಿಸಲಾಗಿದೆ. ನಿಗಮದಿಂದ ಪಂಚವೃತ್ತಿ ಅಭಿವೃದ್ಧಿಗಾಗಿ ಆರ್ಥಿಕ ನೆರವು, ಸ್ವಯಂ ಉದ್ಯೋಗ ನೇರ ಸಾಲ ಯೋಜನೆ, ಅರಿವು ಶೈಕ್ಷಣಿಕ ಸಾಲ ಯೋಜನೆ, ಗಂಗಾ ಕಲ್ಯಾಣ ಯೋಜನೆ, ಸ್ವಾವಲಂಬಿ ಸಾರಥಿ ಯೋಜನೆ, ಸ್ವಸಹಾಯ ಗುಂಪುಗಳ ಯೋಜನೆ, ಪ್ರಶಾಂತ ಯೋಜನೆ, ವಿದೇಶ ವ್ಯಾಸಂಗ ಯೋಜನೆ, ಸ್ವಾತಂತ್ರ್ಯ ಅಮೃತ ಮುನ್ನಡೆ ಯೋಜನೆ (www.kaushalkar.com) ರಡಿ ವಿವಿಧ ಸೌಲಭ್ಯಗಳಿಗೆ ಅರ್ಜಿ ಸಲ್ಲಿಸಬಹುದಾಗಿದೆ.
ಸಿಡಿಲು ಬಡಿದು ರೈತನ ಸಾವು
ಹೊಸಪೇಟೆ ಟೈಮ್ಸ್ ನ್ಯೂಸ್
ವಿಜಯನಗರ(ಹೊಸಪೇಟೆ): ಜಿಲ್ಲೆಯಲ್ಲಿ ಸೋಮವಾರ ತಡ ರಾತ್ರಿ ಸಿಡಿಲು ಬಡಿದು ರೈತ ಸಾವನ್ನಪ್ಪಿದ ಘಟನೆ ಹರಪನಹಳ್ಳಿ ತಾಲೂಕಿನ ದಡಕಾಪುರ ಗ್ರಾಮದಲ್ಲಿ ಘಟನೆ ನಡೆದಿದೆ. ಕೆ.ಚಂದ್ರು (26) ಸಿಡಿಲಿಗೆ ಮೃತಪಟ್ಟ ರೈತ. ಹೊಲದಲ್ಲಿ ಬೆಳೆ ಕಾಯುವ ವೇಳೆ ಘಟನೆ
ನಡೆದಿದ್ದು, ಹರಪನಹಳ್ಳಿ ಕಂದಾಯ ಅಧಿಕಾರಿಗಳು ಸ್ಥಳಕ್ಕೆ ಭೇಟಿ, ಪರಿಶೀಲನೆ ನಡೆಸಿದ್ದಾರೆ.
ಹೆಸರು ಬದಲಾವಣೆ
ನಾನು ಬಿ ಶ್ರೀದೇವಿ, ಗಂಡ: ಬಿ ಮಲ್ಲಿಕಾರ್ಜುನ, ವಯಸ್ಸು 42 ವರ್ಷ, ವಾಸ: ನಂ: 218, 25ನೇ ವಾರ್ಡ ವಡಕರಾಯ ದೇವಸ್ಥಾನದ ಹತ್ತಿರ, ಹೊಸಪೇಟೆ, ವಿಜಯನಗರ ಜಿಲ್ಲೆ, ಮೇಲ್ಕಂಡ ವಿಳಾಸದಲ್ಲಿ ವಾಸವಾಗಿರುವ ನಿವಾಸಿಯಾದ ನಾನು ಈ ಕೆಳಕಂಡಂತೆ ಪ್ರಮಾಣೀಕರಿಸುತ್ತೇನೆ. ನನ್ನ ಮಗಳ ಜನನ ಪ್ರಮಾಣ ಪತ್ರದಲ್ಲಿ ಹೆಸರು ಶಿವಾಲೀಲಾ ಎಂದು ತಪ್ಪಾಗಿ ನಮೂದಾಗಿದೆ ನನ್ನ ಮಗಳ ನಿಜ ಹೆಸರು ಶ್ರೀನಿಧಿ.ಬಿ ಎಂದು ನಮೂದಿಸಿ ವಾಡಿಕೆಯಾಗಿರುವುದು ಪ್ರಮಾಣೀಕರಿಸುತ್ತೇನೆ. ನೋಟರಿ ಹೆಚ್.ವಾಹೆಶ್ ಇವರ ಸಮಕ್ಷಮ ಪ್ರಮಾಣೀಕರಿಸುತ್ತೇನೆ. ದಿನಾಂಕ:05-06-2024.
IN THE COURT OF THE HONOURABLE 2ND ADDITIONAL CIVIL JUDGE AND J.M.F.C
Cri M.C.No:111/2025
Nagarathna & others ..................Petitioners
-Vs-
The Municipal Commissioner -cum-Registrar of Birth Deatha City Municipality, Hospete, ...................Respondent
To,Whom so ever it may concern
WHEREAS the above named petitioners 1) Nagarathna A wife of Late Bukkitagara Anjinappa, aged about 46 years, 2) Bukkitigar Shavanma wife of Late Pampapthi, aged about 55 years Housewife 3) Jyothi A D/o Bukkatigara Anjinappa aged about 34 years, 4) Laskhmi D/o B.Anjinappa, aged about 30 years, (5) Ganesha son of Bukkitagara Anjinappa, aged about 28 years, 6) B.Gopala S/o Late Pampapathi, aged about 35 years, 7) B.Manjunatha S/o Late Pampapathi, aged about 23 years, 8) B.Ambhabhavani D/o B.Pampapathi, aged about 32 years 9) B.Raju son of Pampapathi, aged about 28 years, all are residents of Panduranga colony, Ananthasayanagudi, 7th Ward, Hospete, Vijayanagara district, the petitioners filed the petition under section 13(3) of Registration of birth and death Act, seeking the direction of this court to issue direction to the respondent to enter the date of death of B. Pakkirappa son of Late B.Govindappa who died 01/05/2001 at his residence 7th Ward, Ananthashayanagudi Hosapete who is the father-in-law of petitioner No. 1 and 2 and grand father of petitioner No.2 to 9. WHEREAS, if any persons interested with respect to the above proceedings are hereby noticed to appear in this court in person or by pleader duly able to answer all material question relating to the said petition on 24/06/2425 at about 11-00 A.M, otherwise the matter will be heard and determined. Given under my hand and seal of this court on this 06th day of 02/2025.
By order of the court.
From,	Shirestedar,
Venugopal.	2nd Additional Civil Judge & JMFC court, Hospete.
Advocate, Hospete.
IN THE COURT OF THE 2nd Addl. CIVIL JUDGE AND JMFC AT HOSAPETE
Cri.M.C.No:598/2025
Parvathi and Another ..........................Petitioners
-V/s-
The Commissioner cum Registrar Birth and Death CMC Hosapet ......................Respondent
To, Whom so ever it may concern.
WHEREAS the above Parvathi and her sister Basamma are the daughters of late Hanumavva daughter of Gangavva and are residing at 14th ward Dress Camp T.B. Dam Hosapete are filed the above petition before this Hon'ble Court under section 13(3) of birth and death registration Act for obtaining the death certificate of Hanumavva daughter of Gangavva who died on 17/08/1999 at 14th ward Dress Camp T.B. Dam Hosapete Hosapete taluk Vijayanagar District. WHEREAS, If any person's interested with respect to the above matter is/are hereby notified to appear in this Court in person or by a Pleader duly instructed, and able to answer all such questions, on the day of 05/07/2025 at 11:00 O clock in the noon, to answer the petition as on the day fixed, otherwise the petition will be disposed in your absence. Given under my hand and the seal of the Court, this day of 04/06/2025
By order of the court
From	Sirastedar
L.S.Ananda.	2nd Addl Civil Judge & JMFC, Court.Hosapete.
Advocate, Hospete.
OWNER , PUBLISHER & PRINTER K. M. REKHA PUBLISHED AT HOSPET TIMES, APOORVA OFFSET PRINTERS , SACHIDANAND LANE , MAIN BAZAR , HOSAPETE , BALLARI & PRINTED AT APOORVA OFFSET PRINTERS ,
SACHIDANAND LANE , MAIN BAZAR , HOSAPETE , BALLARI , EDITOR K. M. REKHA. EMAIL : hospettimes@gmail.com, Mob No 94484 41484.
